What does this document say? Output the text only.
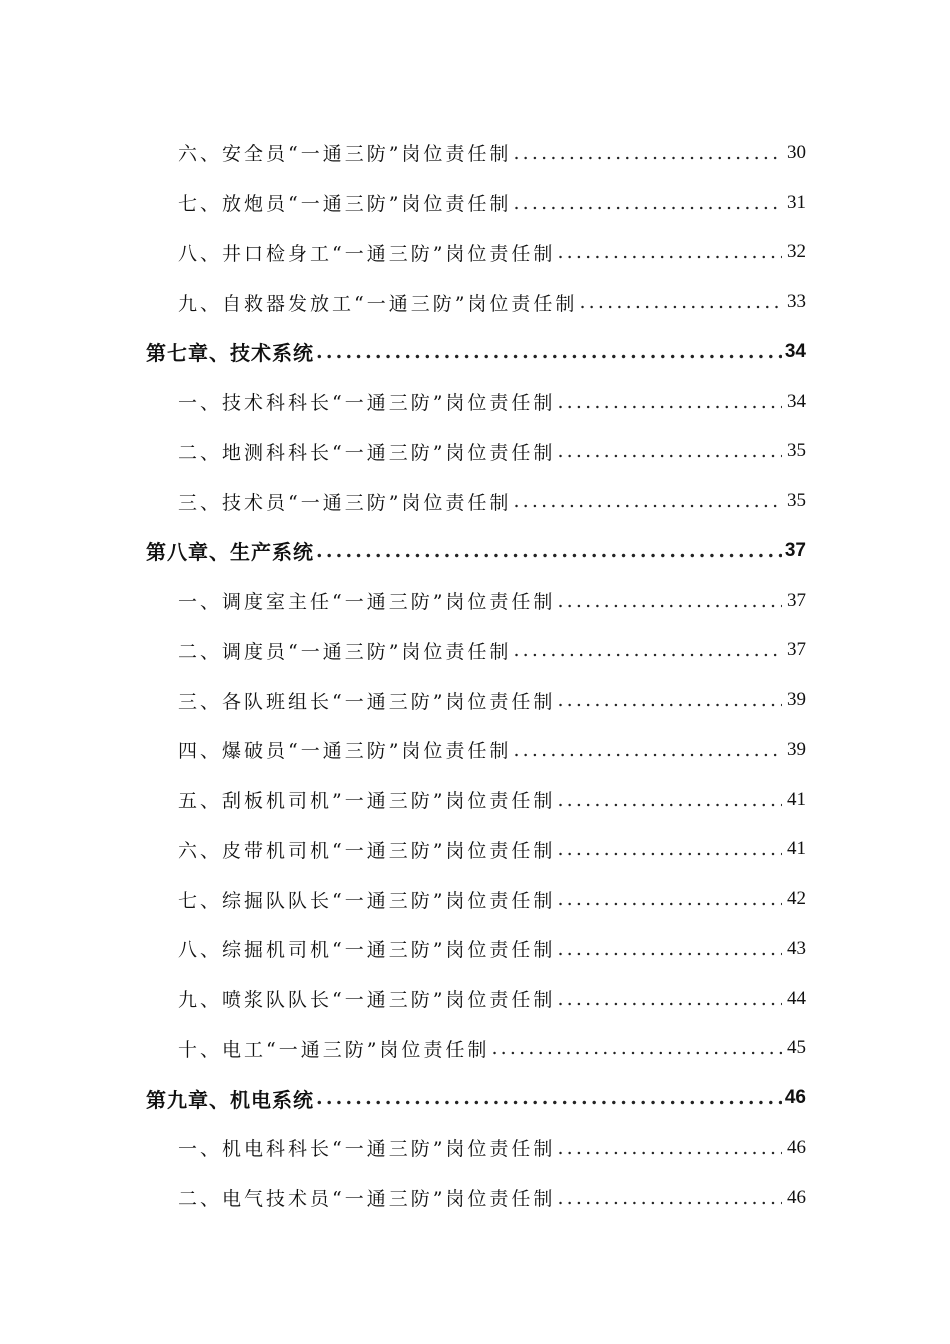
六、安全员“一通三防”岗位责任制 .....	30
七、放炮员“一通三防”岗位责任制 .....	31
八、井口检身工“一通三防”岗位责任制 .....	32
九、自救器发放工“一通三防”岗位责任制 .....	33
第七章、技术系统 .....	34
一、技术科科长“一通三防”岗位责任制 .....	34
二、地测科科长“一通三防”岗位责任制 .....	35
三、技术员“一通三防”岗位责任制 .....	35
第八章、生产系统 .....	37
一、调度室主任“一通三防”岗位责任制 .....	37
二、调度员“一通三防”岗位责任制 .....	37
三、各队班组长“一通三防”岗位责任制 .....	39
四、爆破员“一通三防”岗位责任制 .....	39
五、刮板机司机”一通三防”岗位责任制 .....	41
六、皮带机司机“一通三防”岗位责任制 .....	41
七、综掘队队长“一通三防”岗位责任制 .....	42
八、综掘机司机“一通三防”岗位责任制 .....	43
九、喷浆队队长“一通三防”岗位责任制 .....	44
十、电工“一通三防”岗位责任制 .....	45
第九章、机电系统 .....	46
一、机电科科长“一通三防”岗位责任制 .....	46
二、电气技术员“一通三防”岗位责任制 .....	46
